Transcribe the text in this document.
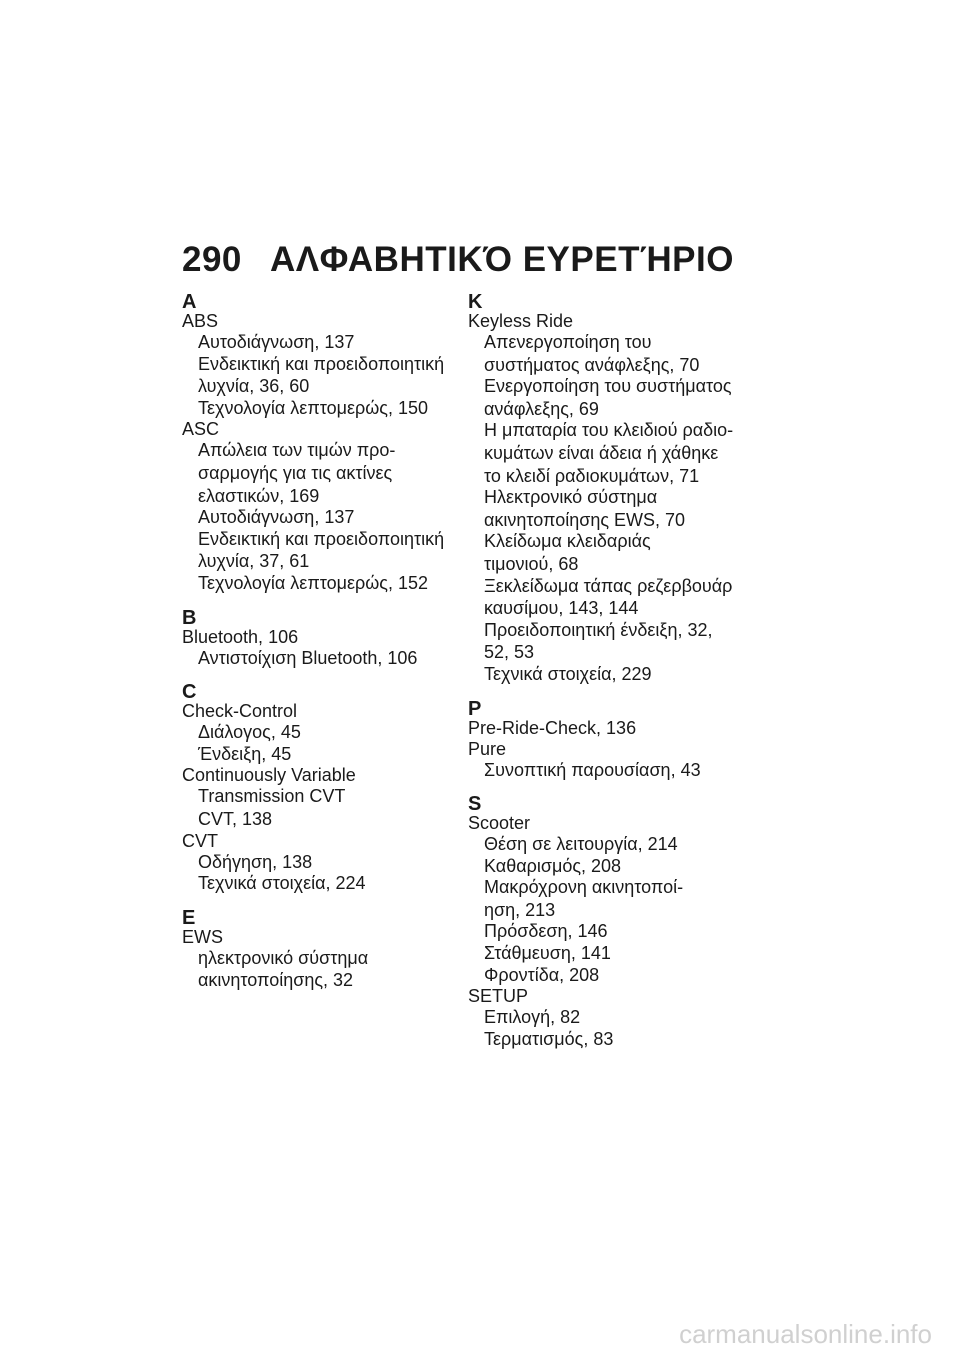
290 ΑΛΦΑΒΗΤΙΚΌ ΕΥΡΕΤΉΡΙΟ
A
ABS
Αυτοδιάγνωση, 137
Ενδεικτική και προειδοποιητική
λυχνία, 36, 60
Τεχνολογία λεπτομερώς, 150
ASC
Απώλεια των τιμών προ-
σαρμογής για τις ακτίνες
ελαστικών, 169
Αυτοδιάγνωση, 137
Ενδεικτική και προειδοποιητική
λυχνία, 37, 61
Τεχνολογία λεπτομερώς, 152
B
Bluetooth, 106
Αντιστοίχιση Bluetooth, 106
C
Check-Control
Διάλογος, 45
Ένδειξη, 45
Continuously Variable
Transmission CVT
CVT, 138
CVT
Οδήγηση, 138
Τεχνικά στοιχεία, 224
E
EWS
ηλεκτρονικό σύστημα
ακινητοποίησης, 32
K
Keyless Ride
Απενεργοποίηση του
συστήματος ανάφλεξης, 70
Ενεργοποίηση του συστήματος
ανάφλεξης, 69
Η μπαταρία του κλειδιού ραδιο-
κυμάτων είναι άδεια ή χάθηκε
το κλειδί ραδιοκυμάτων, 71
Ηλεκτρονικό σύστημα
ακινητοποίησης EWS, 70
Κλείδωμα κλειδαριάς
τιμονιού, 68
Ξεκλείδωμα τάπας ρεζερβουάρ
καυσίμου, 143, 144
Προειδοποιητική ένδειξη, 32,
52, 53
Τεχνικά στοιχεία, 229
P
Pre-Ride-Check, 136
Pure
Συνοπτική παρουσίαση, 43
S
Scooter
Θέση σε λειτουργία, 214
Καθαρισμός, 208
Μακρόχρονη ακινητοποί-
ηση, 213
Πρόσδεση, 146
Στάθμευση, 141
Φροντίδα, 208
SETUP
Επιλογή, 82
Τερματισμός, 83
carmanualsonline.info
